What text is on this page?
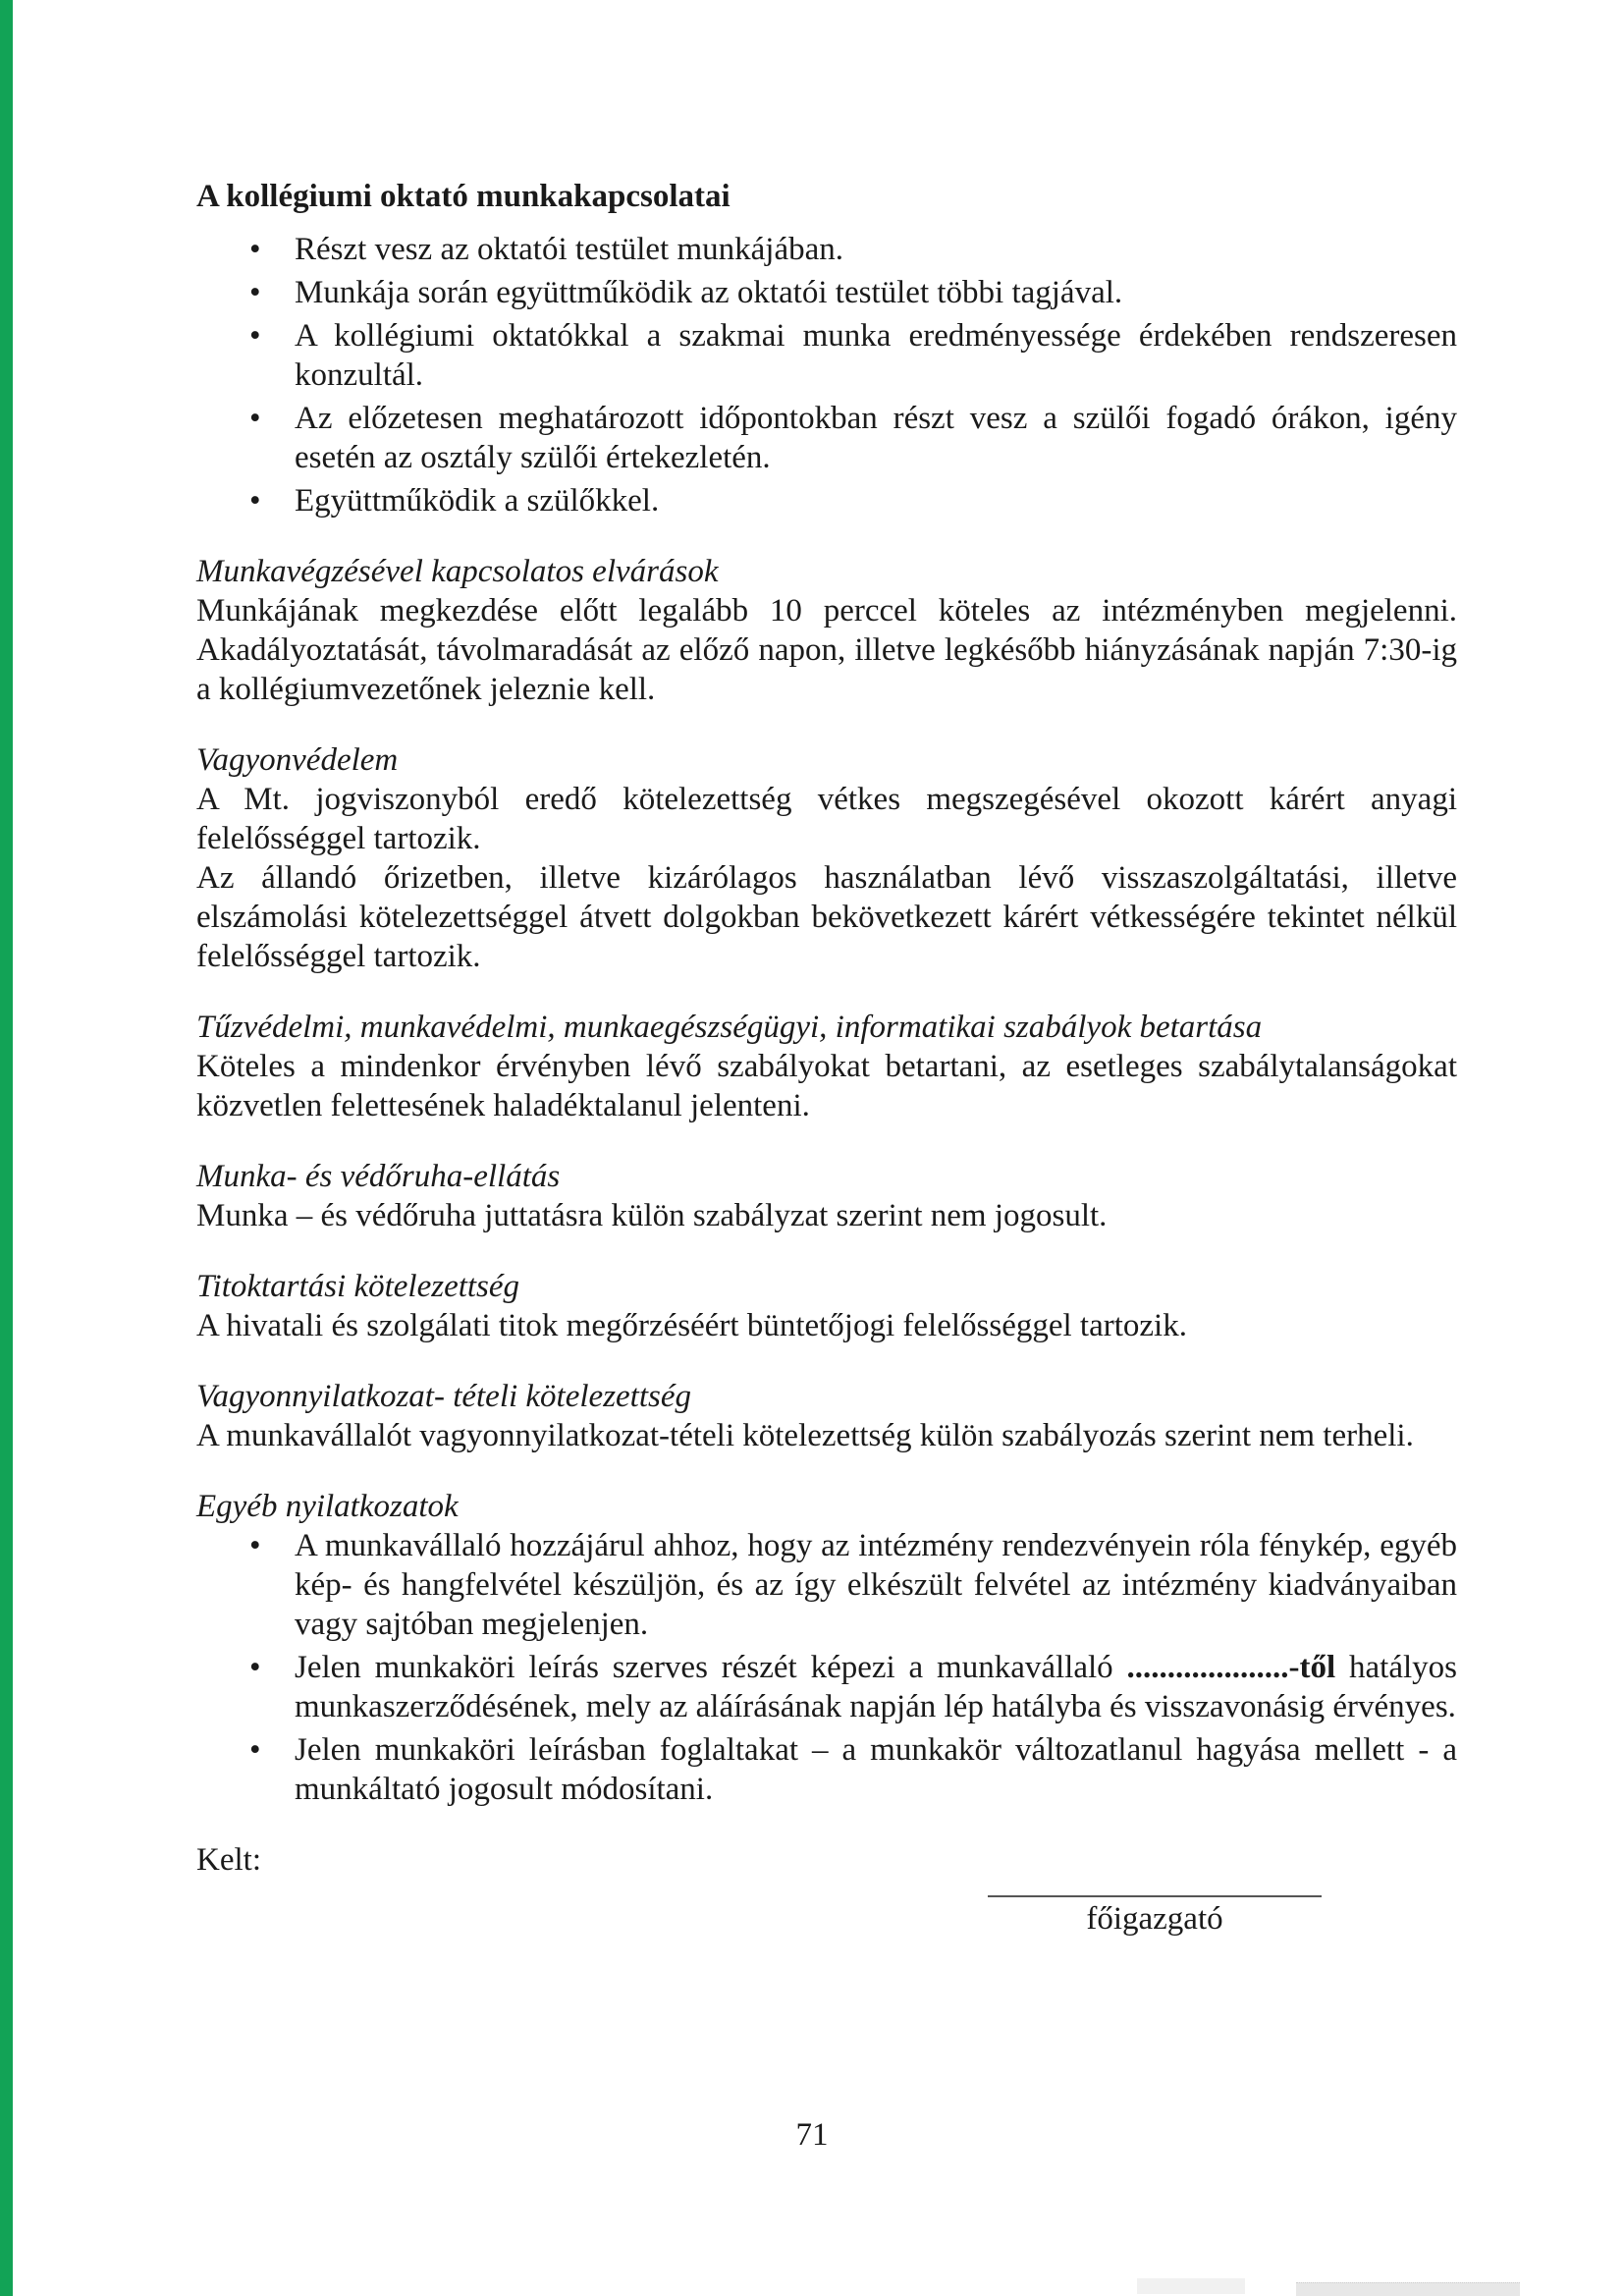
A kollégiumi oktató munkakapcsolatai
• Részt vesz az oktatói testület munkájában.
• Munkája során együttműködik az oktatói testület többi tagjával.
• A kollégiumi oktatókkal a szakmai munka eredményessége érdekében rendszeresen konzultál.
• Az előzetesen meghatározott időpontokban részt vesz a szülői fogadó órákon, igény esetén az osztály szülői értekezletén.
• Együttműködik a szülőkkel.
Munkavégzésével kapcsolatos elvárások

Munkájának megkezdése előtt legalább 10 perccel köteles az intézményben megjelenni. Akadályoztatását, távolmaradását az előző napon, illetve legkésőbb hiányzásának napján 7:30-ig a kollégiumvezetőnek jeleznie kell.

Vagyonvédelem

A Mt. jogviszonyból eredő kötelezettség vétkes megszegésével okozott kárért anyagi felelősséggel tartozik.

Az állandó őrizetben, illetve kizárólagos használatban lévő visszaszolgáltatási, illetve elszámolási kötelezettséggel átvett dolgokban bekövetkezett kárért vétkességére tekintet nélkül felelősséggel tartozik.

Tűzvédelmi, munkavédelmi, munkaegészségügyi, informatikai szabályok betartása

Köteles a mindenkor érvényben lévő szabályokat betartani, az esetleges szabálytalanságokat közvetlen felettesének haladéktalanul jelenteni.

Munka- és védőruha-ellátás

Munka – és védőruha juttatásra külön szabályzat szerint nem jogosult.

Titoktartási kötelezettség

A hivatali és szolgálati titok megőrzéséért büntetőjogi felelősséggel tartozik.

Vagyonnyilatkozat- tételi kötelezettség

A munkavállalót vagyonnyilatkozat-tételi kötelezettség külön szabályozás szerint nem terheli.

Egyéb nyilatkozatok
• A munkavállaló hozzájárul ahhoz, hogy az intézmény rendezvényein róla fénykép, egyéb kép- és hangfelvétel készüljön, és az így elkészült felvétel az intézmény kiadványaiban vagy sajtóban megjelenjen.
• Jelen munkaköri leírás szerves részét képezi a munkavállaló ....................-től hatályos munkaszerződésének, mely az aláírásának napján lép hatályba és visszavonásig érvényes.
• Jelen munkaköri leírásban foglaltakat – a munkakör változatlanul hagyása mellett - a munkáltató jogosult módosítani.

Kelt:

főigazgató
71
